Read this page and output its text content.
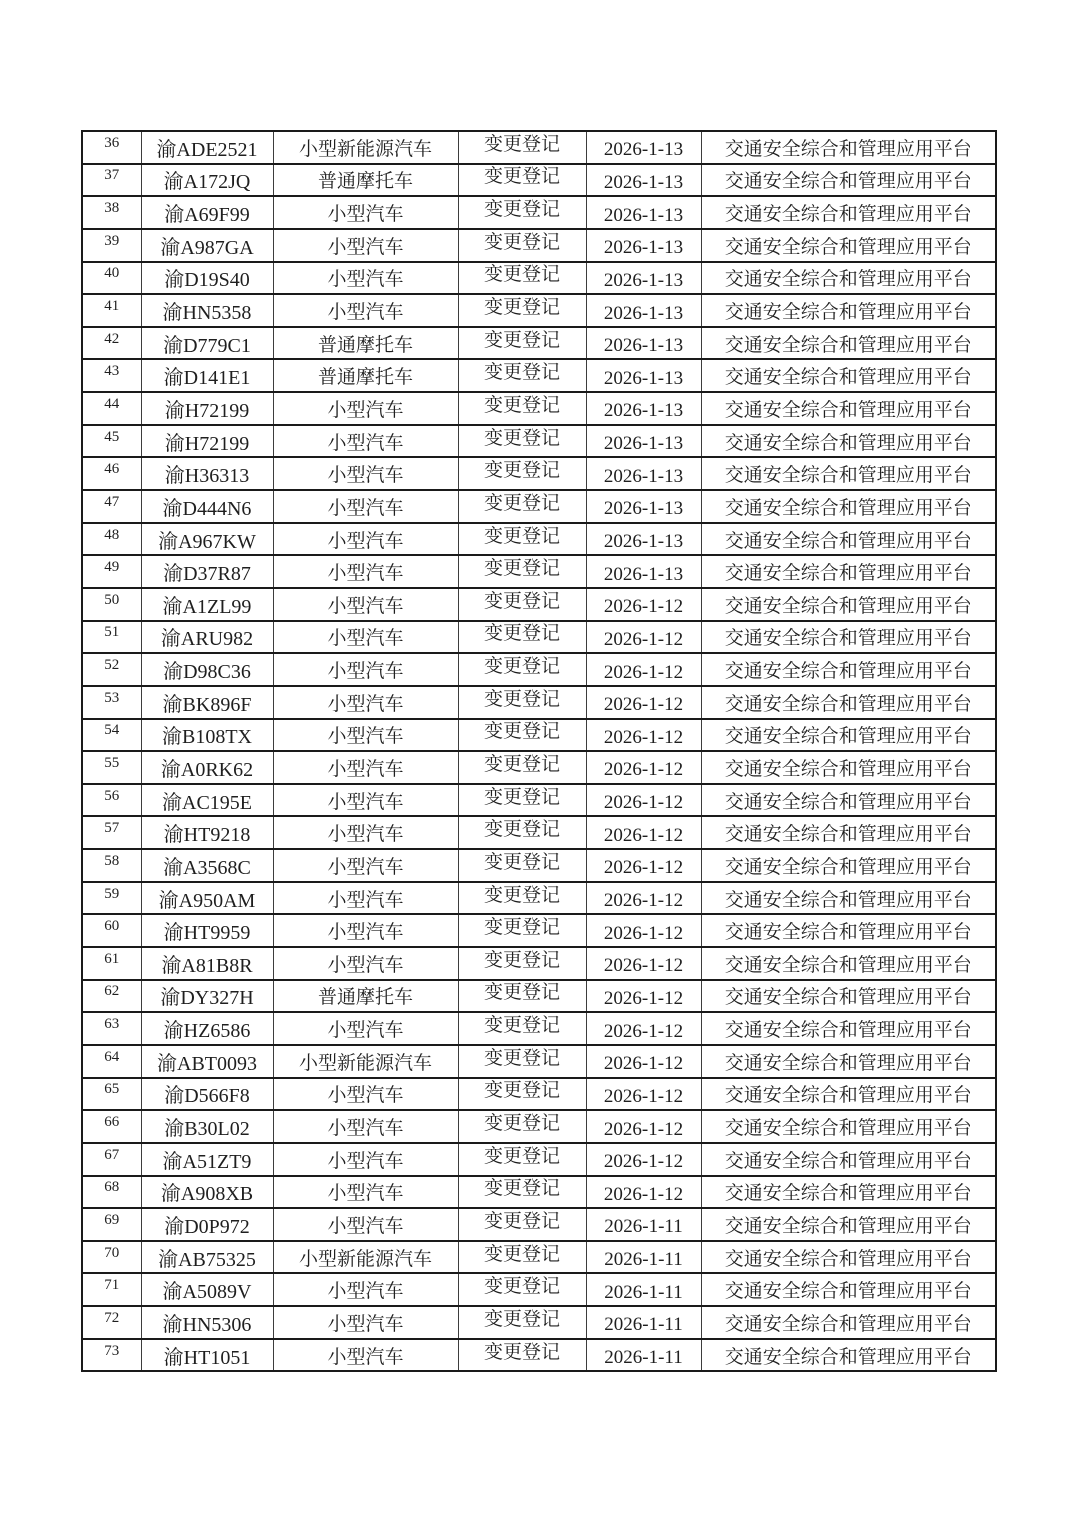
36	渝ADE2521	小型新能源汽车	变更登记	2026-1-13	交通安全综合和管理应用平台
37	渝A172JQ	普通摩托车	变更登记	2026-1-13	交通安全综合和管理应用平台
38	渝A69F99	小型汽车	变更登记	2026-1-13	交通安全综合和管理应用平台
39	渝A987GA	小型汽车	变更登记	2026-1-13	交通安全综合和管理应用平台
40	渝D19S40	小型汽车	变更登记	2026-1-13	交通安全综合和管理应用平台
41	渝HN5358	小型汽车	变更登记	2026-1-13	交通安全综合和管理应用平台
42	渝D779C1	普通摩托车	变更登记	2026-1-13	交通安全综合和管理应用平台
43	渝D141E1	普通摩托车	变更登记	2026-1-13	交通安全综合和管理应用平台
44	渝H72199	小型汽车	变更登记	2026-1-13	交通安全综合和管理应用平台
45	渝H72199	小型汽车	变更登记	2026-1-13	交通安全综合和管理应用平台
46	渝H36313	小型汽车	变更登记	2026-1-13	交通安全综合和管理应用平台
47	渝D444N6	小型汽车	变更登记	2026-1-13	交通安全综合和管理应用平台
48	渝A967KW	小型汽车	变更登记	2026-1-13	交通安全综合和管理应用平台
49	渝D37R87	小型汽车	变更登记	2026-1-13	交通安全综合和管理应用平台
50	渝A1ZL99	小型汽车	变更登记	2026-1-12	交通安全综合和管理应用平台
51	渝ARU982	小型汽车	变更登记	2026-1-12	交通安全综合和管理应用平台
52	渝D98C36	小型汽车	变更登记	2026-1-12	交通安全综合和管理应用平台
53	渝BK896F	小型汽车	变更登记	2026-1-12	交通安全综合和管理应用平台
54	渝B108TX	小型汽车	变更登记	2026-1-12	交通安全综合和管理应用平台
55	渝A0RK62	小型汽车	变更登记	2026-1-12	交通安全综合和管理应用平台
56	渝AC195E	小型汽车	变更登记	2026-1-12	交通安全综合和管理应用平台
57	渝HT9218	小型汽车	变更登记	2026-1-12	交通安全综合和管理应用平台
58	渝A3568C	小型汽车	变更登记	2026-1-12	交通安全综合和管理应用平台
59	渝A950AM	小型汽车	变更登记	2026-1-12	交通安全综合和管理应用平台
60	渝HT9959	小型汽车	变更登记	2026-1-12	交通安全综合和管理应用平台
61	渝A81B8R	小型汽车	变更登记	2026-1-12	交通安全综合和管理应用平台
62	渝DY327H	普通摩托车	变更登记	2026-1-12	交通安全综合和管理应用平台
63	渝HZ6586	小型汽车	变更登记	2026-1-12	交通安全综合和管理应用平台
64	渝ABT0093	小型新能源汽车	变更登记	2026-1-12	交通安全综合和管理应用平台
65	渝D566F8	小型汽车	变更登记	2026-1-12	交通安全综合和管理应用平台
66	渝B30L02	小型汽车	变更登记	2026-1-12	交通安全综合和管理应用平台
67	渝A51ZT9	小型汽车	变更登记	2026-1-12	交通安全综合和管理应用平台
68	渝A908XB	小型汽车	变更登记	2026-1-12	交通安全综合和管理应用平台
69	渝D0P972	小型汽车	变更登记	2026-1-11	交通安全综合和管理应用平台
70	渝AB75325	小型新能源汽车	变更登记	2026-1-11	交通安全综合和管理应用平台
71	渝A5089V	小型汽车	变更登记	2026-1-11	交通安全综合和管理应用平台
72	渝HN5306	小型汽车	变更登记	2026-1-11	交通安全综合和管理应用平台
73	渝HT1051	小型汽车	变更登记	2026-1-11	交通安全综合和管理应用平台
